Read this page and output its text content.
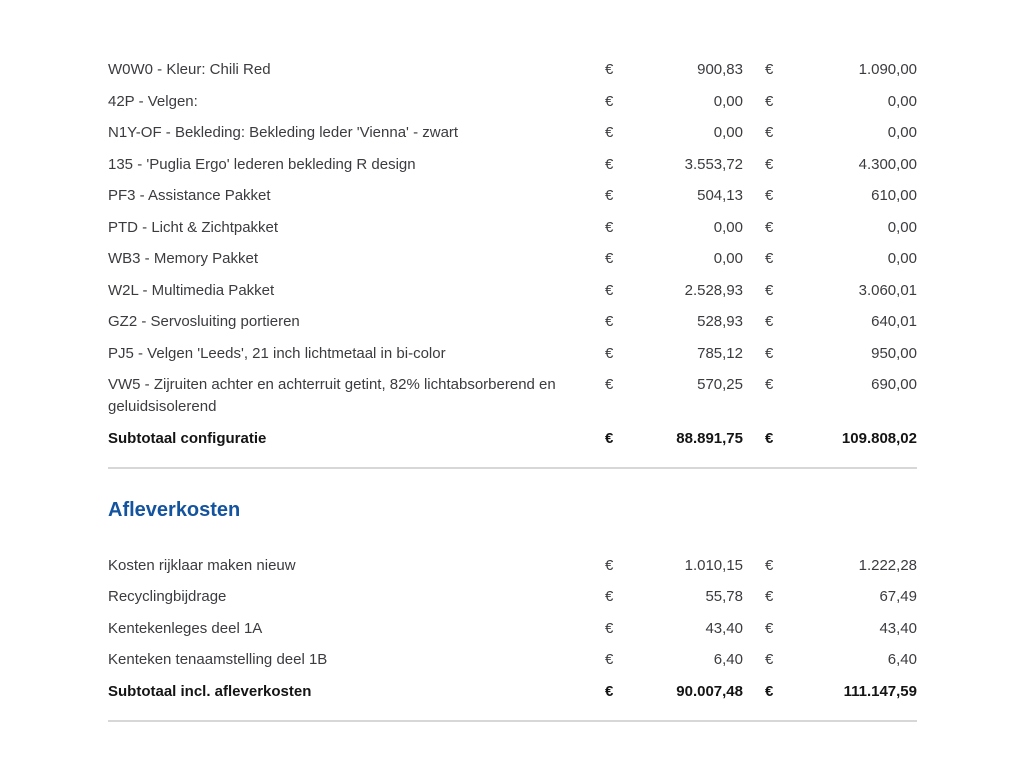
W0W0 - Kleur: Chili Red	€	900,83 €	1.090,00
42P - Velgen:	€	0,00 €	0,00
N1Y-OF - Bekleding: Bekleding leder 'Vienna' - zwart	€	0,00 €	0,00
135 - 'Puglia Ergo' lederen bekleding R design	€	3.553,72 €	4.300,00
PF3 - Assistance Pakket	€	504,13 €	610,00
PTD - Licht & Zichtpakket	€	0,00 €	0,00
WB3 - Memory Pakket	€	0,00 €	0,00
W2L - Multimedia Pakket	€	2.528,93 €	3.060,01
GZ2 - Servosluiting portieren	€	528,93 €	640,01
PJ5 - Velgen 'Leeds', 21 inch lichtmetaal in bi-color	€	785,12 €	950,00
VW5 - Zijruiten achter en achterruit getint, 82% lichtabsorberend en geluidsisolerend
€	570,25 €	690,00
Subtotaal configuratie	€	88.891,75 €	109.808,02
Afleverkosten
Kosten rijklaar maken nieuw	€	1.010,15 €	1.222,28
Recyclingbijdrage	€	55,78 €	67,49
Kentekenleges deel 1A	€	43,40 €	43,40
Kenteken tenaamstelling deel 1B	€	6,40 €	6,40
Subtotaal incl. afleverkosten	€	90.007,48 €	111.147,59
